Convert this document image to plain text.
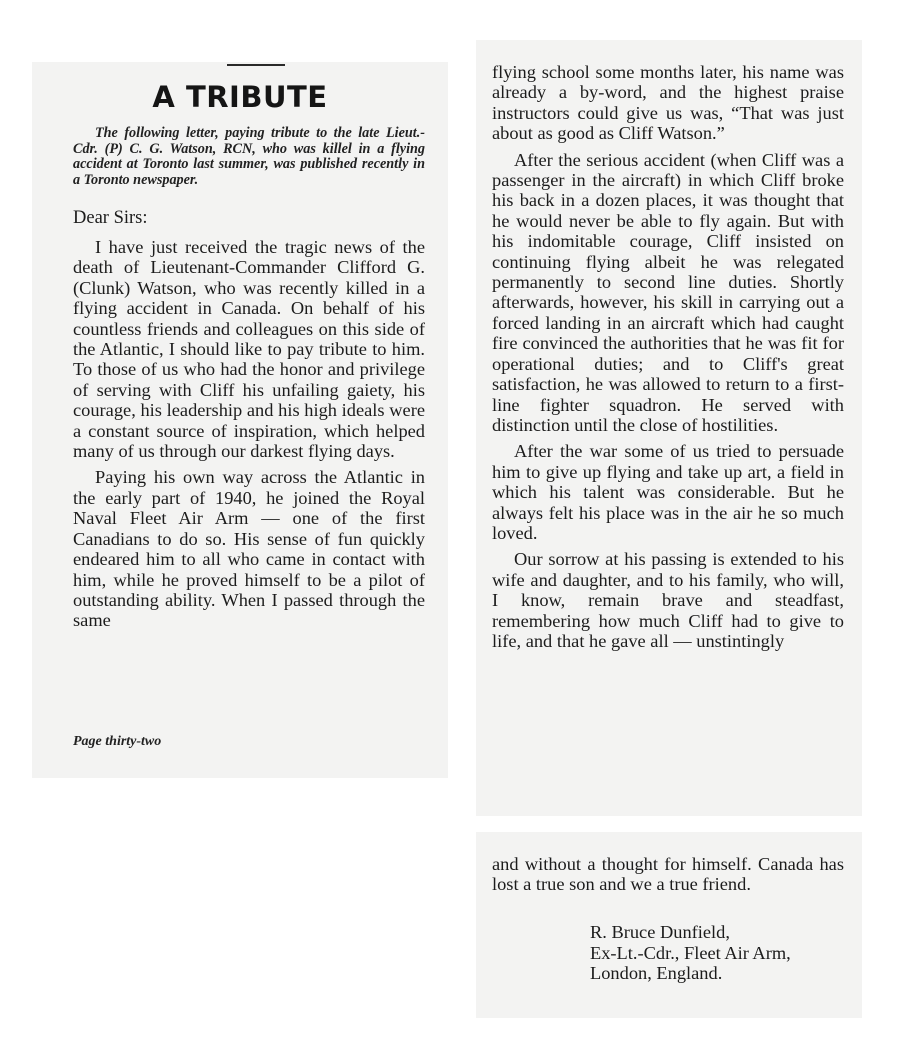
A TRIBUTE

The following letter, paying tribute to the late Lieut.-Cdr. (P) C. G. Watson, RCN, who was killel in a flying accident at Toronto last summer, was published recently in a Toronto newspaper.

Dear Sirs:

I have just received the tragic news of the death of Lieutenant-Commander Clifford G. (Clunk) Watson, who was recently killed in a flying accident in Canada. On behalf of his countless friends and colleagues on this side of the Atlantic, I should like to pay tribute to him. To those of us who had the honor and privilege of serving with Cliff his unfailing gaiety, his courage, his leadership and his high ideals were a constant source of inspiration, which helped many of us through our darkest flying days.

Paying his own way across the Atlantic in the early part of 1940, he joined the Royal Naval Fleet Air Arm — one of the first Canadians to do so. His sense of fun quickly endeared him to all who came in contact with him, while he proved himself to be a pilot of outstanding ability. When I passed through the same

Page thirty-two

flying school some months later, his name was already a by-word, and the highest praise instructors could give us was, “That was just about as good as Cliff Watson.”

After the serious accident (when Cliff was a passenger in the aircraft) in which Cliff broke his back in a dozen places, it was thought that he would never be able to fly again. But with his indomitable courage, Cliff insisted on continuing flying albeit he was relegated permanently to second line duties. Shortly afterwards, however, his skill in carrying out a forced landing in an aircraft which had caught fire convinced the authorities that he was fit for operational duties; and to Cliff's great satisfaction, he was allowed to return to a first-line fighter squadron. He served with distinction until the close of hostilities.

After the war some of us tried to persuade him to give up flying and take up art, a field in which his talent was considerable. But he always felt his place was in the air he so much loved.

Our sorrow at his passing is extended to his wife and daughter, and to his family, who will, I know, remain brave and steadfast, remembering how much Cliff had to give to life, and that he gave all — unstintingly

and without a thought for himself. Canada has lost a true son and we a true friend.

R. Bruce Dunfield,
Ex-Lt.-Cdr., Fleet Air Arm,
London, England.
